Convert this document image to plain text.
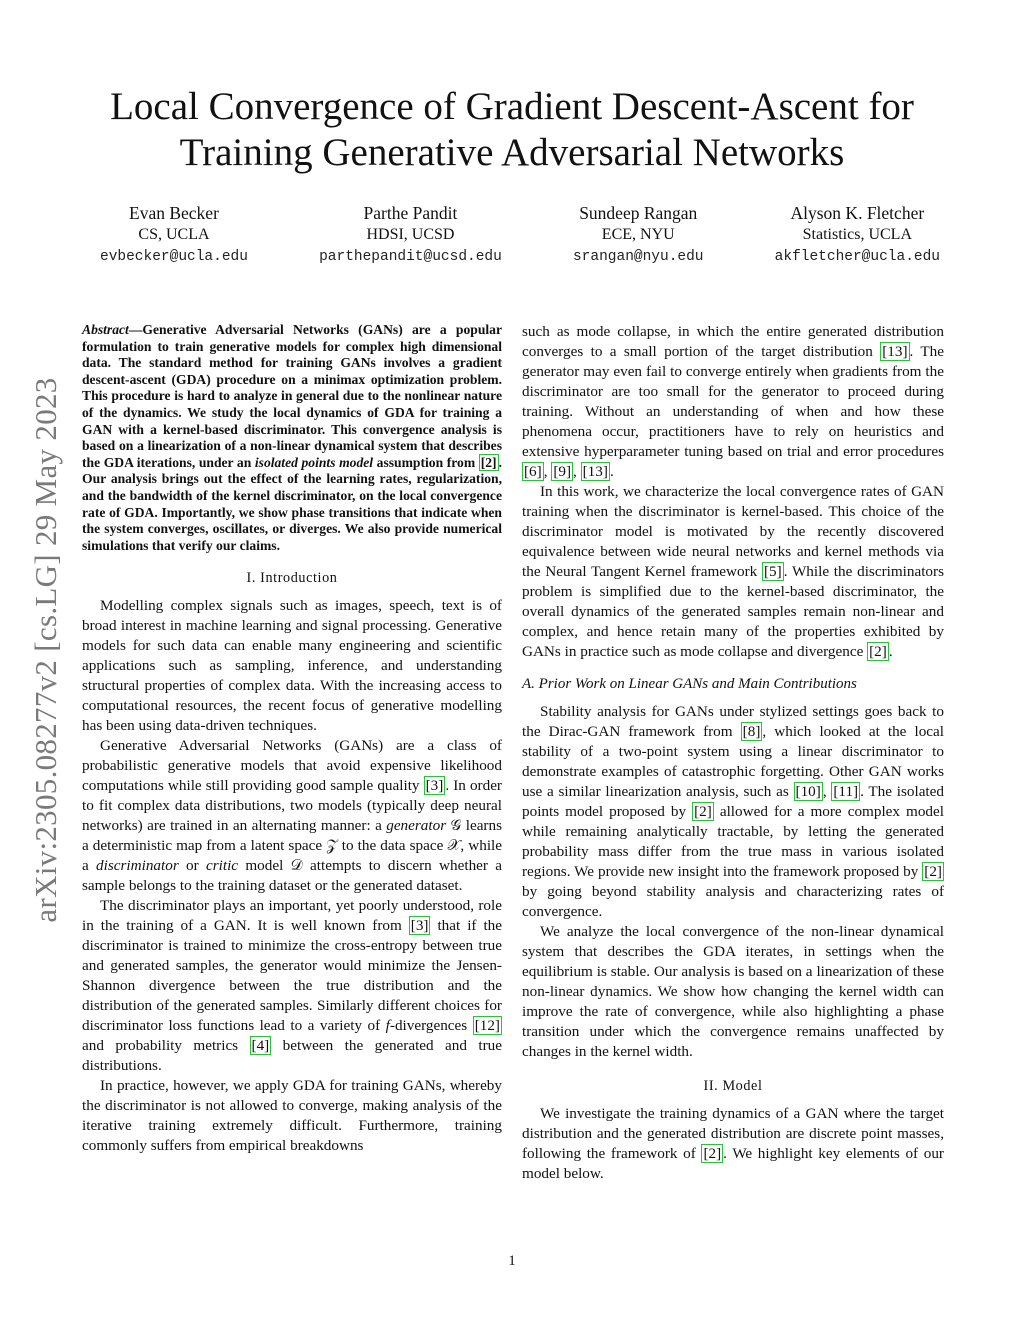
arXiv:2305.08277v2 [cs.LG] 29 May 2023
Local Convergence of Gradient Descent-Ascent for
Training Generative Adversarial Networks
Evan Becker
CS, UCLA
evbecker@ucla.edu
Parthe Pandit
HDSI, UCSD
parthepandit@ucsd.edu
Sundeep Rangan
ECE, NYU
srangan@nyu.edu
Alyson K. Fletcher
Statistics, UCLA
akfletcher@ucla.edu
Abstract—Generative Adversarial Networks (GANs) are a popular formulation to train generative models for complex high dimensional data. The standard method for training GANs involves a gradient descent-ascent (GDA) procedure on a minimax optimization problem. This procedure is hard to analyze in general due to the nonlinear nature of the dynamics. We study the local dynamics of GDA for training a GAN with a kernel-based discriminator. This convergence analysis is based on a linearization of a non-linear dynamical system that describes the GDA iterations, under an isolated points model assumption from [2] . Our analysis brings out the effect of the learning rates, regularization, and the bandwidth of the kernel discriminator, on the local convergence rate of GDA. Importantly, we show phase transitions that indicate when the system converges, oscillates, or diverges. We also provide numerical simulations that verify our claims.
I. Introduction

Modelling complex signals such as images, speech, text is of broad interest in machine learning and signal processing. Generative models for such data can enable many engineering and scientific applications such as sampling, inference, and understanding structural properties of complex data. With the increasing access to computational resources, the recent focus of generative modelling has been using data-driven techniques.

Generative Adversarial Networks (GANs) are a class of probabilistic generative models that avoid expensive likelihood computations while still providing good sample quality [3] . In order to fit complex data distributions, two models (typically deep neural networks) are trained in an alternating manner: a generator 𝒢 learns a deterministic map from a latent space 𝒵 to the data space 𝒳, while a discriminator or critic model 𝒟 attempts to discern whether a sample belongs to the training dataset or the generated dataset.

The discriminator plays an important, yet poorly understood, role in the training of a GAN. It is well known from [3] that if the discriminator is trained to minimize the cross-entropy between true and generated samples, the generator would minimize the Jensen-Shannon divergence between the true distribution and the distribution of the generated samples. Similarly different choices for discriminator loss functions lead to a variety of f-divergences [12] and probability metrics [4] between the generated and true distributions.

In practice, however, we apply GDA for training GANs, whereby the discriminator is not allowed to converge, making analysis of the iterative training extremely difficult. Furthermore, training commonly suffers from empirical breakdowns

such as mode collapse, in which the entire generated distribution converges to a small portion of the target distribution [13] . The generator may even fail to converge entirely when gradients from the discriminator are too small for the generator to proceed during training. Without an understanding of when and how these phenomena occur, practitioners have to rely on heuristics and extensive hyperparameter tuning based on trial and error procedures [6] , [9] , [13] .

In this work, we characterize the local convergence rates of GAN training when the discriminator is kernel-based. This choice of the discriminator model is motivated by the recently discovered equivalence between wide neural networks and kernel methods via the Neural Tangent Kernel framework [5] . While the discriminators problem is simplified due to the kernel-based discriminator, the overall dynamics of the generated samples remain non-linear and complex, and hence retain many of the properties exhibited by GANs in practice such as mode collapse and divergence [2] .

A. Prior Work on Linear GANs and Main Contributions

Stability analysis for GANs under stylized settings goes back to the Dirac-GAN framework from [8] , which looked at the local stability of a two-point system using a linear discriminator to demonstrate examples of catastrophic forgetting. Other GAN works use a similar linearization analysis, such as [10] , [11] . The isolated points model proposed by [2] allowed for a more complex model while remaining analytically tractable, by letting the generated probability mass differ from the true mass in various isolated regions. We provide new insight into the framework proposed by [2] by going beyond stability analysis and characterizing rates of convergence.

We analyze the local convergence of the non-linear dynamical system that describes the GDA iterates, in settings when the equilibrium is stable. Our analysis is based on a linearization of these non-linear dynamics. We show how changing the kernel width can improve the rate of convergence, while also highlighting a phase transition under which the convergence remains unaffected by changes in the kernel width.

II. Model

We investigate the training dynamics of a GAN where the target distribution and the generated distribution are discrete point masses, following the framework of [2] . We highlight key elements of our model below.

1
